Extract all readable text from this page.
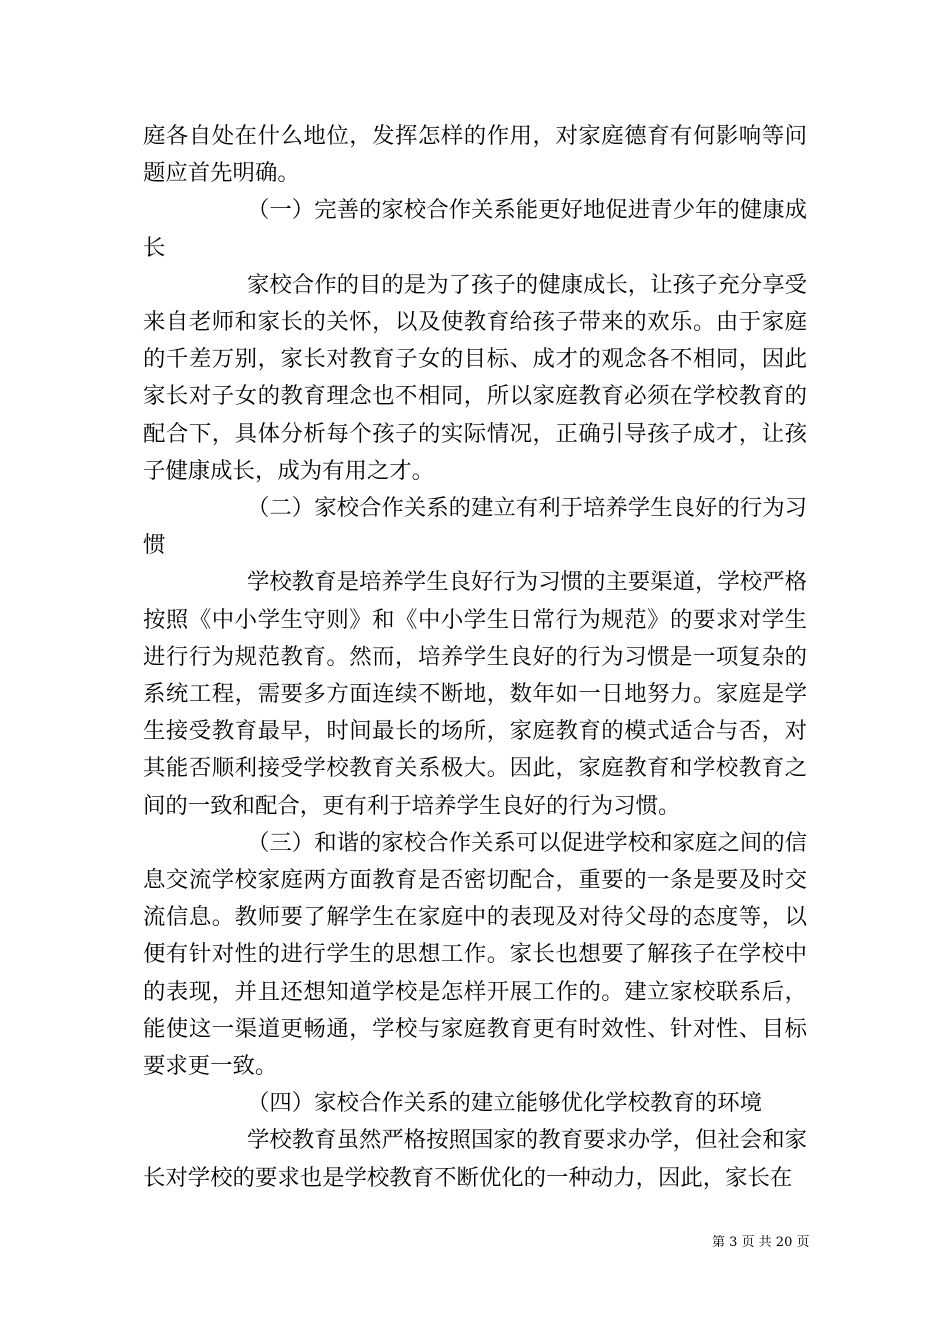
庭各自处在什么地位，发挥怎样的作用，对家庭德育有何影响等问题应首先明确。

（一）完善的家校合作关系能更好地促进青少年的健康成长

家校合作的目的是为了孩子的健康成长，让孩子充分享受来自老师和家长的关怀，以及使教育给孩子带来的欢乐。由于家庭的千差万别，家长对教育子女的目标、成才的观念各不相同，因此家长对子女的教育理念也不相同，所以家庭教育必须在学校教育的配合下，具体分析每个孩子的实际情况，正确引导孩子成才，让孩子健康成长，成为有用之才。

（二）家校合作关系的建立有利于培养学生良好的行为习惯

学校教育是培养学生良好行为习惯的主要渠道，学校严格按照《中小学生守则》和《中小学生日常行为规范》的要求对学生进行行为规范教育。然而，培养学生良好的行为习惯是一项复杂的系统工程，需要多方面连续不断地，数年如一日地努力。家庭是学生接受教育最早，时间最长的场所，家庭教育的模式适合与否，对其能否顺利接受学校教育关系极大。因此，家庭教育和学校教育之间的一致和配合，更有利于培养学生良好的行为习惯。

（三）和谐的家校合作关系可以促进学校和家庭之间的信息交流学校家庭两方面教育是否密切配合，重要的一条是要及时交流信息。教师要了解学生在家庭中的表现及对待父母的态度等，以便有针对性的进行学生的思想工作。家长也想要了解孩子在学校中的表现，并且还想知道学校是怎样开展工作的。建立家校联系后，能使这一渠道更畅通，学校与家庭教育更有时效性、针对性、目标要求更一致。

（四）家校合作关系的建立能够优化学校教育的环境

学校教育虽然严格按照国家的教育要求办学，但社会和家长对学校的要求也是学校教育不断优化的一种动力，因此，家长在

第 3 页 共 20 页
